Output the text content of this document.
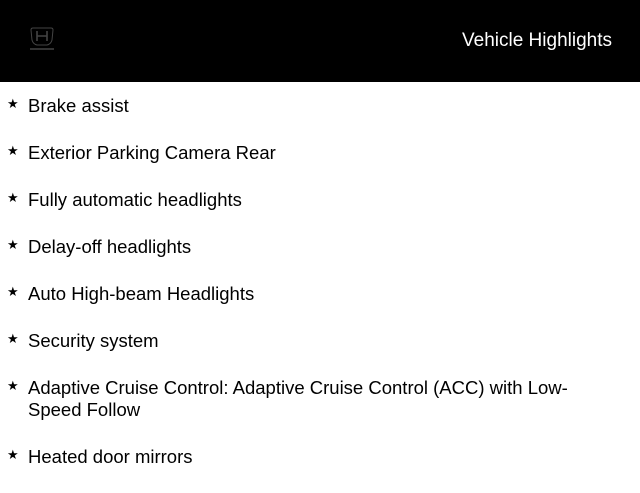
Vehicle Highlights
★ Brake assist
★ Exterior Parking Camera Rear
★ Fully automatic headlights
★ Delay-off headlights
★ Auto High-beam Headlights
★ Security system
★ Adaptive Cruise Control: Adaptive Cruise Control (ACC) with Low-Speed Follow
★ Heated door mirrors
